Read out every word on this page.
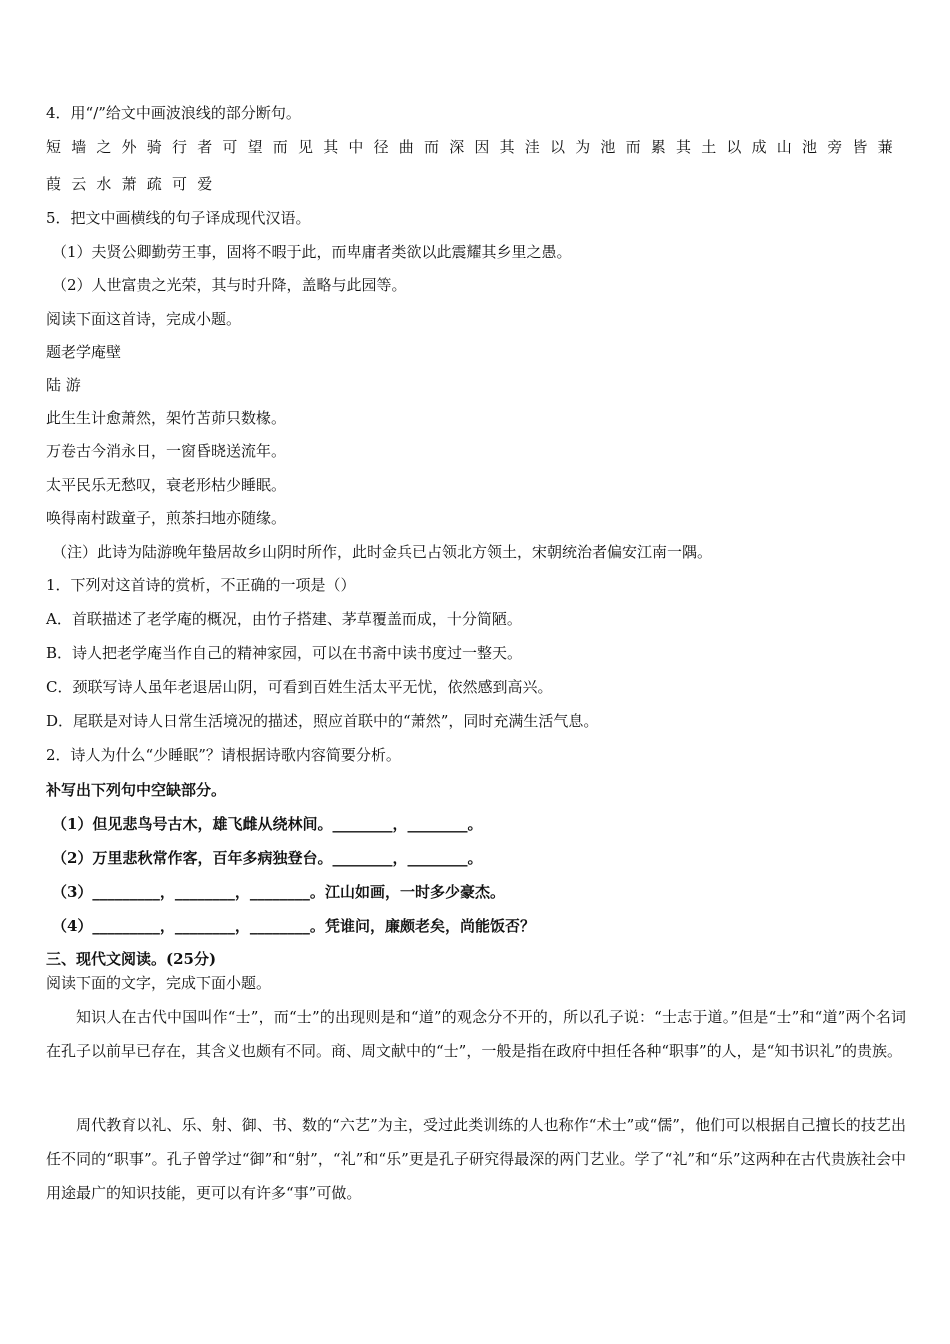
4．用“/”给文中画波浪线的部分断句。
短墙之外骑行者可望而见其中径曲而深因其洼以为池而累其土以成山池旁皆蒹
葭云水萧疏可爱
5．把文中画横线的句子译成现代汉语。
（1）夫贤公卿勤劳王事，固将不暇于此，而卑庸者类欲以此震耀其乡里之愚。
（2）人世富贵之光荣，其与时升降，盖略与此园等。
阅读下面这首诗，完成小题。
题老学庵壁
陆 游
此生生计愈萧然，架竹苫茆只数椽。
万卷古今消永日，一窗昏晓送流年。
太平民乐无愁叹，衰老形枯少睡眠。
唤得南村跋童子，煎茶扫地亦随缘。
（注）此诗为陆游晚年蛰居故乡山阴时所作，此时金兵已占领北方领土，宋朝统治者偏安江南一隅。
1．下列对这首诗的赏析，不正确的一项是（）
A．首联描述了老学庵的概况，由竹子搭建、茅草覆盖而成，十分简陋。
B．诗人把老学庵当作自己的精神家园，可以在书斋中读书度过一整天。
C．颈联写诗人虽年老退居山阴，可看到百姓生活太平无忧，依然感到高兴。
D．尾联是对诗人日常生活境况的描述，照应首联中的“萧然”，同时充满生活气息。
2．诗人为什么“少睡眠”？请根据诗歌内容简要分析。
补写出下列句中空缺部分。
（1）但见悲鸟号古木，雄飞雌从绕林间。________，________。
（2）万里悲秋常作客，百年多病独登台。________，________。
（3）_________，________，________。江山如画，一时多少豪杰。
（4）_________，________，________。凭谁问，廉颇老矣，尚能饭否？
三、现代文阅读。(25分)
阅读下面的文字，完成下面小题。
知识人在古代中国叫作“士”，而“士”的出现则是和“道”的观念分不开的，所以孔子说：“士志于道。”但是“士”和“道”两个名词在孔子以前早已存在，其含义也颇有不同。商、周文献中的“士”，一般是指在政府中担任各种“职事”的人，是“知书识礼”的贵族。
周代教育以礼、乐、射、御、书、数的“六艺”为主，受过此类训练的人也称作“术士”或“儒”，他们可以根据自己擅长的技艺出任不同的“职事”。孔子曾学过“御”和“射”，“礼”和“乐”更是孔子研究得最深的两门艺业。学了“礼”和“乐”这两种在古代贵族社会中用途最广的知识技能，更可以有许多“事”可做。
